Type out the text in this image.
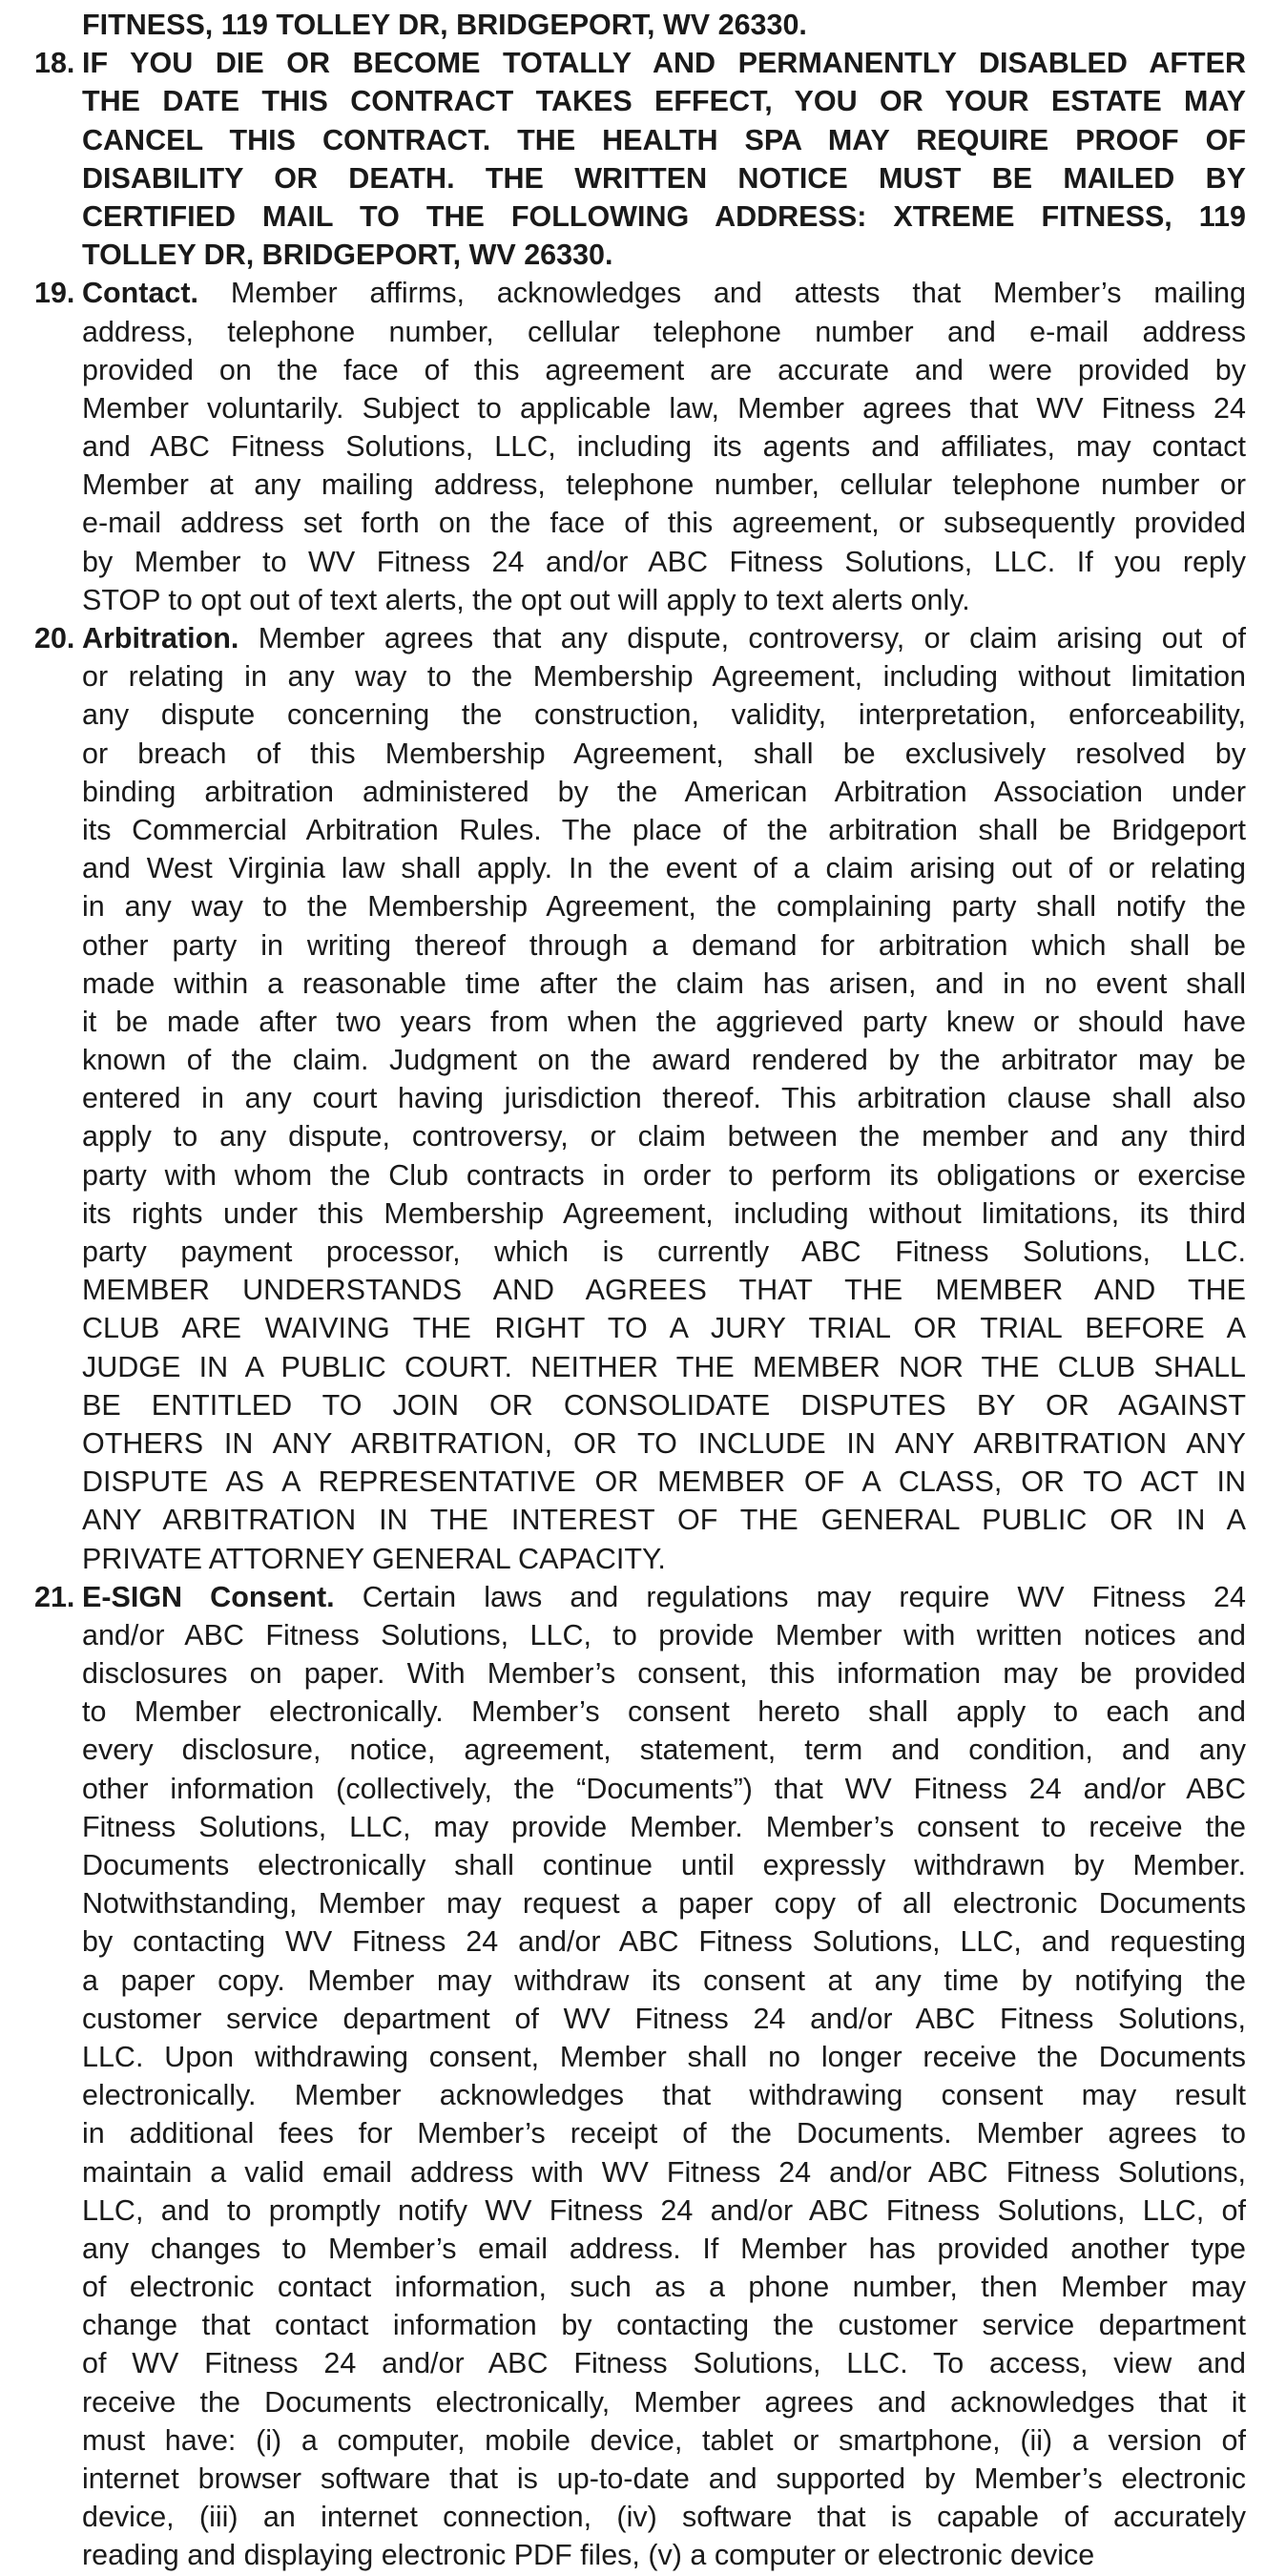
FITNESS, 119 TOLLEY DR, BRIDGEPORT, WV 26330.
18. IF YOU DIE OR BECOME TOTALLY AND PERMANENTLY DISABLED AFTER
THE DATE THIS CONTRACT TAKES EFFECT, YOU OR YOUR ESTATE MAY
CANCEL THIS CONTRACT. THE HEALTH SPA MAY REQUIRE PROOF OF
DISABILITY OR DEATH. THE WRITTEN NOTICE MUST BE MAILED BY
CERTIFIED MAIL TO THE FOLLOWING ADDRESS: XTREME FITNESS, 119
TOLLEY DR, BRIDGEPORT, WV 26330.
19. Contact. Member affirms, acknowledges and attests that Member’s mailing
address, telephone number, cellular telephone number and e-mail address
provided on the face of this agreement are accurate and were provided by
Member voluntarily. Subject to applicable law, Member agrees that WV Fitness 24
and ABC Fitness Solutions, LLC, including its agents and affiliates, may contact
Member at any mailing address, telephone number, cellular telephone number or
e-mail address set forth on the face of this agreement, or subsequently provided
by Member to WV Fitness 24 and/or ABC Fitness Solutions, LLC. If you reply
STOP to opt out of text alerts, the opt out will apply to text alerts only.
20. Arbitration. Member agrees that any dispute, controversy, or claim arising out of
or relating in any way to the Membership Agreement, including without limitation
any dispute concerning the construction, validity, interpretation, enforceability,
or breach of this Membership Agreement, shall be exclusively resolved by
binding arbitration administered by the American Arbitration Association under
its Commercial Arbitration Rules. The place of the arbitration shall be Bridgeport
and West Virginia law shall apply. In the event of a claim arising out of or relating
in any way to the Membership Agreement, the complaining party shall notify the
other party in writing thereof through a demand for arbitration which shall be
made within a reasonable time after the claim has arisen, and in no event shall
it be made after two years from when the aggrieved party knew or should have
known of the claim. Judgment on the award rendered by the arbitrator may be
entered in any court having jurisdiction thereof. This arbitration clause shall also
apply to any dispute, controversy, or claim between the member and any third
party with whom the Club contracts in order to perform its obligations or exercise
its rights under this Membership Agreement, including without limitations, its third
party payment processor, which is currently ABC Fitness Solutions, LLC.
MEMBER UNDERSTANDS AND AGREES THAT THE MEMBER AND THE
CLUB ARE WAIVING THE RIGHT TO A JURY TRIAL OR TRIAL BEFORE A
JUDGE IN A PUBLIC COURT. NEITHER THE MEMBER NOR THE CLUB SHALL
BE ENTITLED TO JOIN OR CONSOLIDATE DISPUTES BY OR AGAINST
OTHERS IN ANY ARBITRATION, OR TO INCLUDE IN ANY ARBITRATION ANY
DISPUTE AS A REPRESENTATIVE OR MEMBER OF A CLASS, OR TO ACT IN
ANY ARBITRATION IN THE INTEREST OF THE GENERAL PUBLIC OR IN A
PRIVATE ATTORNEY GENERAL CAPACITY.
21. E-SIGN Consent. Certain laws and regulations may require WV Fitness 24
and/or ABC Fitness Solutions, LLC, to provide Member with written notices and
disclosures on paper. With Member’s consent, this information may be provided
to Member electronically. Member’s consent hereto shall apply to each and
every disclosure, notice, agreement, statement, term and condition, and any
other information (collectively, the “Documents”) that WV Fitness 24 and/or ABC
Fitness Solutions, LLC, may provide Member. Member’s consent to receive the
Documents electronically shall continue until expressly withdrawn by Member.
Notwithstanding, Member may request a paper copy of all electronic Documents
by contacting WV Fitness 24 and/or ABC Fitness Solutions, LLC, and requesting
a paper copy. Member may withdraw its consent at any time by notifying the
customer service department of WV Fitness 24 and/or ABC Fitness Solutions,
LLC. Upon withdrawing consent, Member shall no longer receive the Documents
electronically. Member acknowledges that withdrawing consent may result
in additional fees for Member’s receipt of the Documents. Member agrees to
maintain a valid email address with WV Fitness 24 and/or ABC Fitness Solutions,
LLC, and to promptly notify WV Fitness 24 and/or ABC Fitness Solutions, LLC, of
any changes to Member’s email address. If Member has provided another type
of electronic contact information, such as a phone number, then Member may
change that contact information by contacting the customer service department
of WV Fitness 24 and/or ABC Fitness Solutions, LLC. To access, view and
receive the Documents electronically, Member agrees and acknowledges that it
must have: (i) a computer, mobile device, tablet or smartphone, (ii) a version of
internet browser software that is up-to-date and supported by Member’s electronic
device, (iii) an internet connection, (iv) software that is capable of accurately
reading and displaying electronic PDF files, (v) a computer or electronic device
